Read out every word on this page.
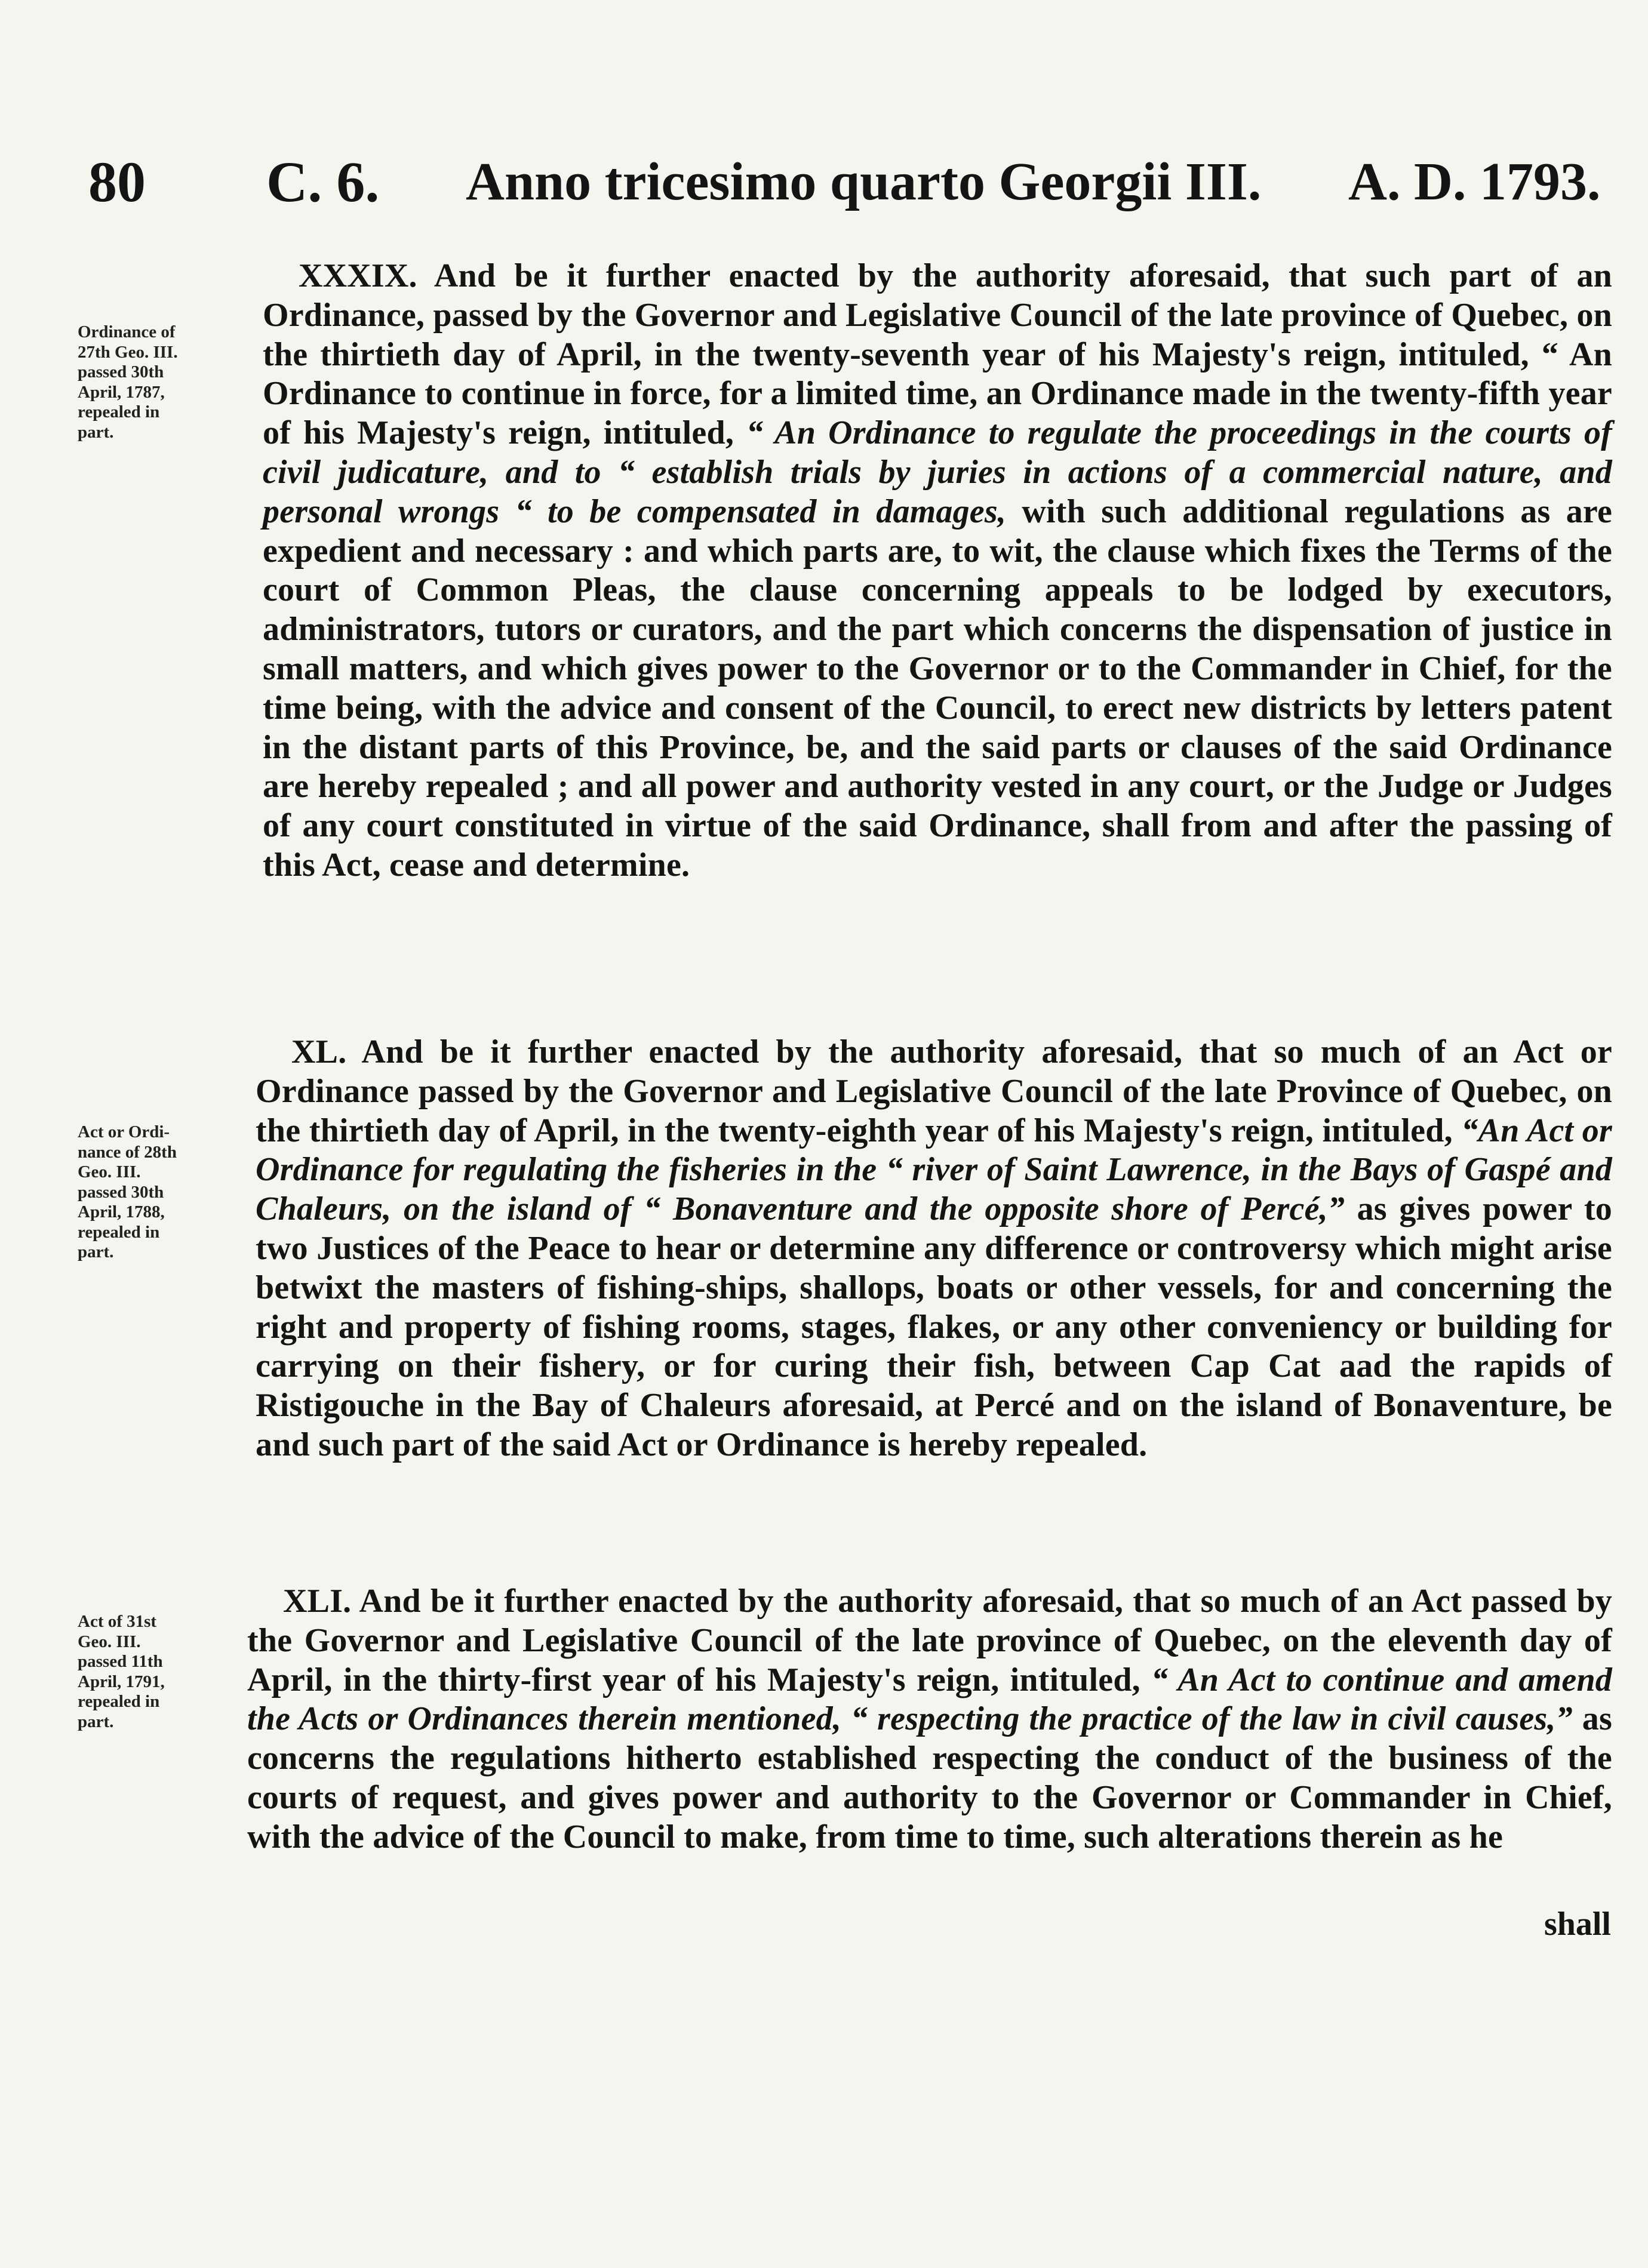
80 C. 6. Anno tricesimo quarto Georgii III. A. D. 1793.
Ordinance of
27th Geo. III.
passed 30th
April, 1787,
repealed in
part.

XXXIX. And be it further enacted by the authority aforesaid, that such part of an Ordinance, passed by the Governor and Legislative Council of the late province of Quebec, on the thirtieth day of April, in the twenty-seventh year of his Majesty's reign, intituled, “ An Ordinance to continue in force, for a limited time, an Ordinance made in the twenty-fifth year of his Majesty's reign, intituled, “ An Ordinance to regulate the proceedings in the courts of civil judicature, and to “ establish trials by juries in actions of a commercial nature, and personal wrongs “ to be compensated in damages, with such additional regulations as are expedient and necessary : and which parts are, to wit, the clause which fixes the Terms of the court of Common Pleas, the clause concerning appeals to be lodged by executors, administrators, tutors or curators, and the part which concerns the dispensation of justice in small matters, and which gives power to the Governor or to the Commander in Chief, for the time being, with the advice and consent of the Council, to erect new districts by letters patent in the distant parts of this Province, be, and the said parts or clauses of the said Ordinance are hereby repealed ; and all power and authority vested in any court, or the Judge or Judges of any court constituted in virtue of the said Ordinance, shall from and after the passing of this Act, cease and determine.

Act or Ordi-
nance of 28th
Geo. III.
passed 30th
April, 1788,
repealed in
part.

XL. And be it further enacted by the authority aforesaid, that so much of an Act or Ordinance passed by the Governor and Legislative Council of the late Province of Quebec, on the thirtieth day of April, in the twenty-eighth year of his Majesty's reign, intituled, “An Act or Ordinance for regulating the fisheries in the “ river of Saint Lawrence, in the Bays of Gaspé and Chaleurs, on the island of “ Bonaventure and the opposite shore of Percé,” as gives power to two Justices of the Peace to hear or determine any difference or controversy which might arise betwixt the masters of fishing-ships, shallops, boats or other vessels, for and concerning the right and property of fishing rooms, stages, flakes, or any other conveniency or building for carrying on their fishery, or for curing their fish, between Cap Cat aad the rapids of Ristigouche in the Bay of Chaleurs aforesaid, at Percé and on the island of Bonaventure, be and such part of the said Act or Ordinance is hereby repealed.

Act of 31st
Geo. III.
passed 11th
April, 1791,
repealed in
part.

XLI. And be it further enacted by the authority aforesaid, that so much of an Act passed by the Governor and Legislative Council of the late province of Quebec, on the eleventh day of April, in the thirty-first year of his Majesty's reign, intituled, “ An Act to continue and amend the Acts or Ordinances therein mentioned, “ respecting the practice of the law in civil causes,” as concerns the regulations hitherto established respecting the conduct of the business of the courts of request, and gives power and authority to the Governor or Commander in Chief, with the advice of the Council to make, from time to time, such alterations therein as he

shall
